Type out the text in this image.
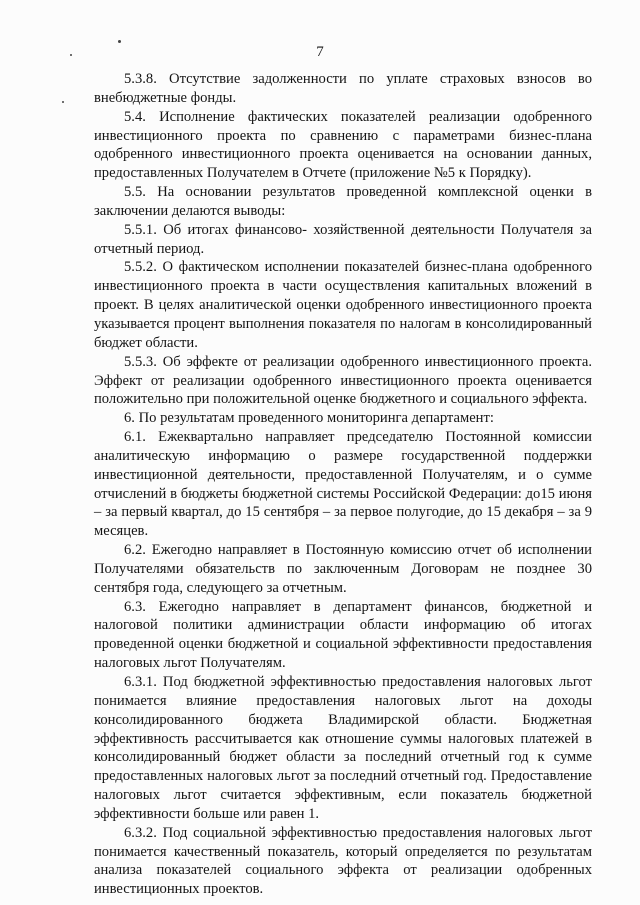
7

5.3.8. Отсутствие задолженности по уплате страховых взносов во внебюджетные фонды.

5.4. Исполнение фактических показателей реализации одобренного инвестиционного проекта по сравнению с параметрами бизнес-плана одобренного инвестиционного проекта оценивается на основании данных, предоставленных Получателем в Отчете (приложение №5 к Порядку).

5.5. На основании результатов проведенной комплексной оценки в заключении делаются выводы:

5.5.1. Об итогах финансово- хозяйственной деятельности Получателя за отчетный период.

5.5.2. О фактическом исполнении показателей бизнес-плана одобренного инвестиционного проекта в части осуществления капитальных вложений в проект. В целях аналитической оценки одобренного инвестиционного проекта указывается процент выполнения показателя по налогам в консолидированный бюджет области.

5.5.3. Об эффекте от реализации одобренного инвестиционного проекта. Эффект от реализации одобренного инвестиционного проекта оценивается положительно при положительной оценке бюджетного и социального эффекта.

6. По результатам проведенного мониторинга департамент:

6.1. Ежеквартально направляет председателю Постоянной комиссии аналитическую информацию о размере государственной поддержки инвестиционной деятельности, предоставленной Получателям, и о сумме отчислений в бюджеты бюджетной системы Российской Федерации: до15 июня – за первый квартал, до 15 сентября – за первое полугодие, до 15 декабря – за 9 месяцев.

6.2. Ежегодно направляет в Постоянную комиссию отчет об исполнении Получателями обязательств по заключенным Договорам не позднее 30 сентября года, следующего за отчетным.

6.3. Ежегодно направляет в департамент финансов, бюджетной и налоговой политики администрации области информацию об итогах проведенной оценки бюджетной и социальной эффективности предоставления налоговых льгот Получателям.

6.3.1. Под бюджетной эффективностью предоставления налоговых льгот понимается влияние предоставления налоговых льгот на доходы консолидированного бюджета Владимирской области. Бюджетная эффективность рассчитывается как отношение суммы налоговых платежей в консолидированный бюджет области за последний отчетный год к сумме предоставленных налоговых льгот за последний отчетный год. Предоставление налоговых льгот считается эффективным, если показатель бюджетной эффективности больше или равен 1.

6.3.2. Под социальной эффективностью предоставления налоговых льгот понимается качественный показатель, который определяется по результатам анализа показателей социального эффекта от реализации одобренных инвестиционных проектов.
